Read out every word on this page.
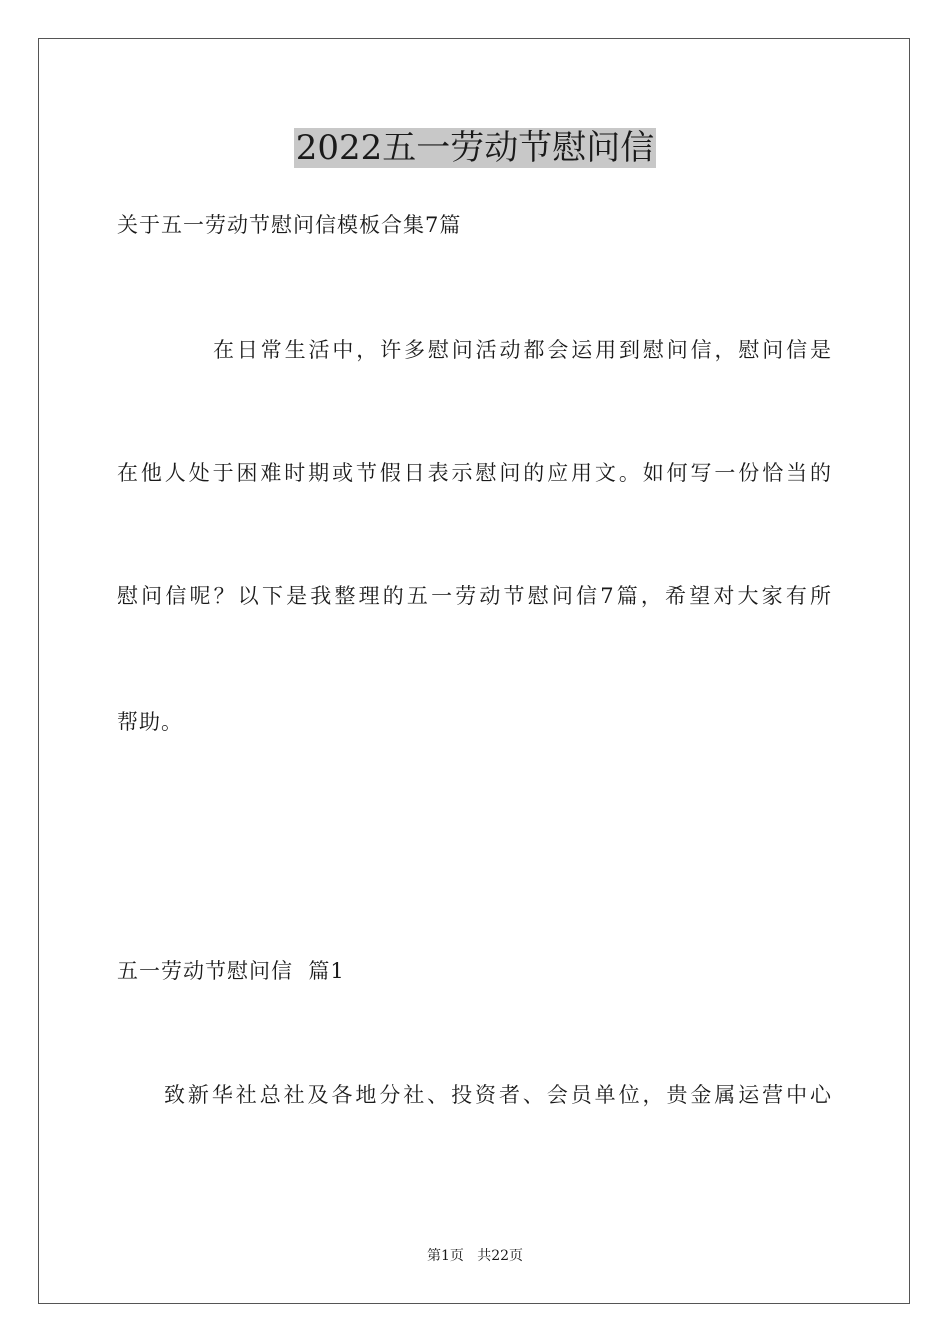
2022五一劳动节慰问信
关于五一劳动节慰问信模板合集7篇
在日常生活中，许多慰问活动都会运用到慰问信，慰问信是
在他人处于困难时期或节假日表示慰问的应用文。如何写一份恰当的
慰问信呢？以下是我整理的五一劳动节慰问信7篇，希望对大家有所
帮助。
五一劳动节慰问信  篇1
致新华社总社及各地分社、投资者、会员单位，贵金属运营中心
第1页   共22页
